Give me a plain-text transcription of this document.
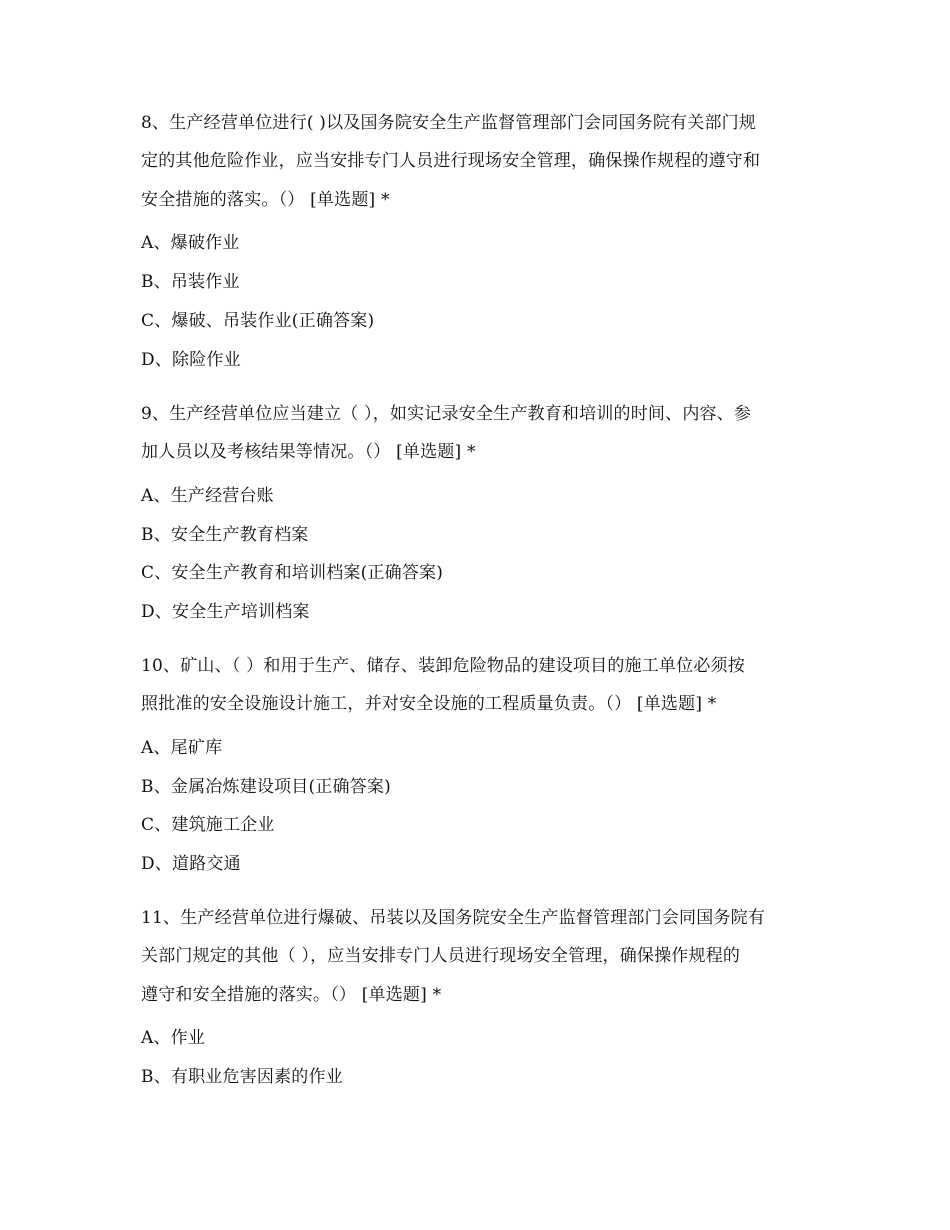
8、生产经营单位进行( )以及国务院安全生产监督管理部门会同国务院有关部门规
定的其他危险作业，应当安排专门人员进行现场安全管理，确保操作规程的遵守和
安全措施的落实。（） [单选题] *
A、爆破作业
B、吊装作业
C、爆破、吊装作业(正确答案)
D、除险作业
9、生产经营单位应当建立（ ），如实记录安全生产教育和培训的时间、内容、参
加人员以及考核结果等情况。（） [单选题] *
A、生产经营台账
B、安全生产教育档案
C、安全生产教育和培训档案(正确答案)
D、安全生产培训档案
10、矿山、（ ）和用于生产、储存、装卸危险物品的建设项目的施工单位必须按
照批准的安全设施设计施工，并对安全设施的工程质量负责。（） [单选题] *
A、尾矿库
B、金属冶炼建设项目(正确答案)
C、建筑施工企业
D、道路交通
11、生产经营单位进行爆破、吊装以及国务院安全生产监督管理部门会同国务院有
关部门规定的其他（ ），应当安排专门人员进行现场安全管理，确保操作规程的
遵守和安全措施的落实。（） [单选题] *
A、作业
B、有职业危害因素的作业
